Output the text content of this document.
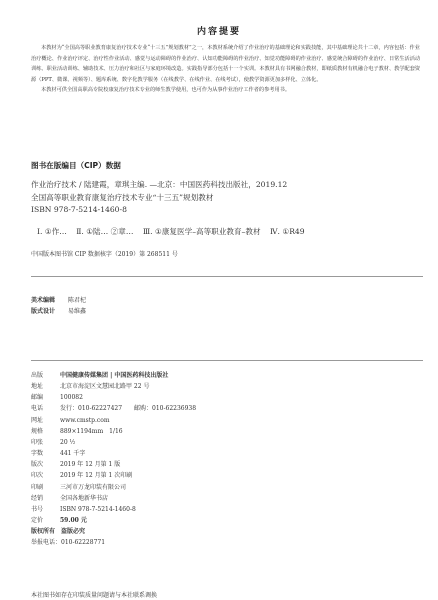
内容提要

本教材为“全国高等职业教育康复治疗技术专业“十三五”规划教材”之一，本教材系统介绍了作业治疗的基础理论和实践技能，其中基础理论共十二章，内容包括：作业治疗概论、作业治疗评定、治疗性作业活动、感觉与运动障碍的作业治疗、认知功能障碍的作业治疗、知觉功能障碍的作业治疗、感觉统合障碍的作业治疗、日常生活活动训练、职业活动训练、辅助技术、压力治疗和社区与家庭环境改造。实践指导部分包括十一个实训。本教材具有书网融合教材，即纸质教材有机融合电子教材、教学配套资源（PPT、微课、视频等）、题库系统、数字化教学服务（在线教学、在线作业、在线考试），使教学资源更加多样化、立体化。

本教材可供全国高职高专院校康复治疗技术专业的师生教学使用，也可作为从事作业治疗工作者的参考用书。

图书在版编目（CIP）数据
作业治疗技术 / 陆建霞，章琪主编. —北京：中国医药科技出版社，2019.12
全国高等职业教育康复治疗技术专业“十三五”规划教材
ISBN 978-7-5214-1460-8
Ⅰ. ①作… Ⅱ. ①陆… ②章… Ⅲ. ①康复医学–高等职业教育–教材 Ⅳ. ①R49
中国版本图书馆 CIP 数据核字（2019）第 268511 号
美术编辑 陈君杞
版式设计 易维鑫
出版	中国健康传媒集团 | 中国医药科技出版社
地址	北京市海淀区文慧园北路甲 22 号
邮编	100082
电话	发行：010-62227427　　邮购：010-62236938
网址	www.cmstp.com
规格	889×1194mm　1/16
印张	20 ½
字数	441 千字
版次	2019 年 12 月第 1 版
印次	2019 年 12 月第 1 次印刷
印刷	三河市万龙印装有限公司
经销	全国各地新华书店
书号	ISBN 978-7-5214-1460-8
定价	59.00 元
版权所有　盗版必究
举报电话：010-62228771
本社图书如存在印装质量问题请与本社联系调换
